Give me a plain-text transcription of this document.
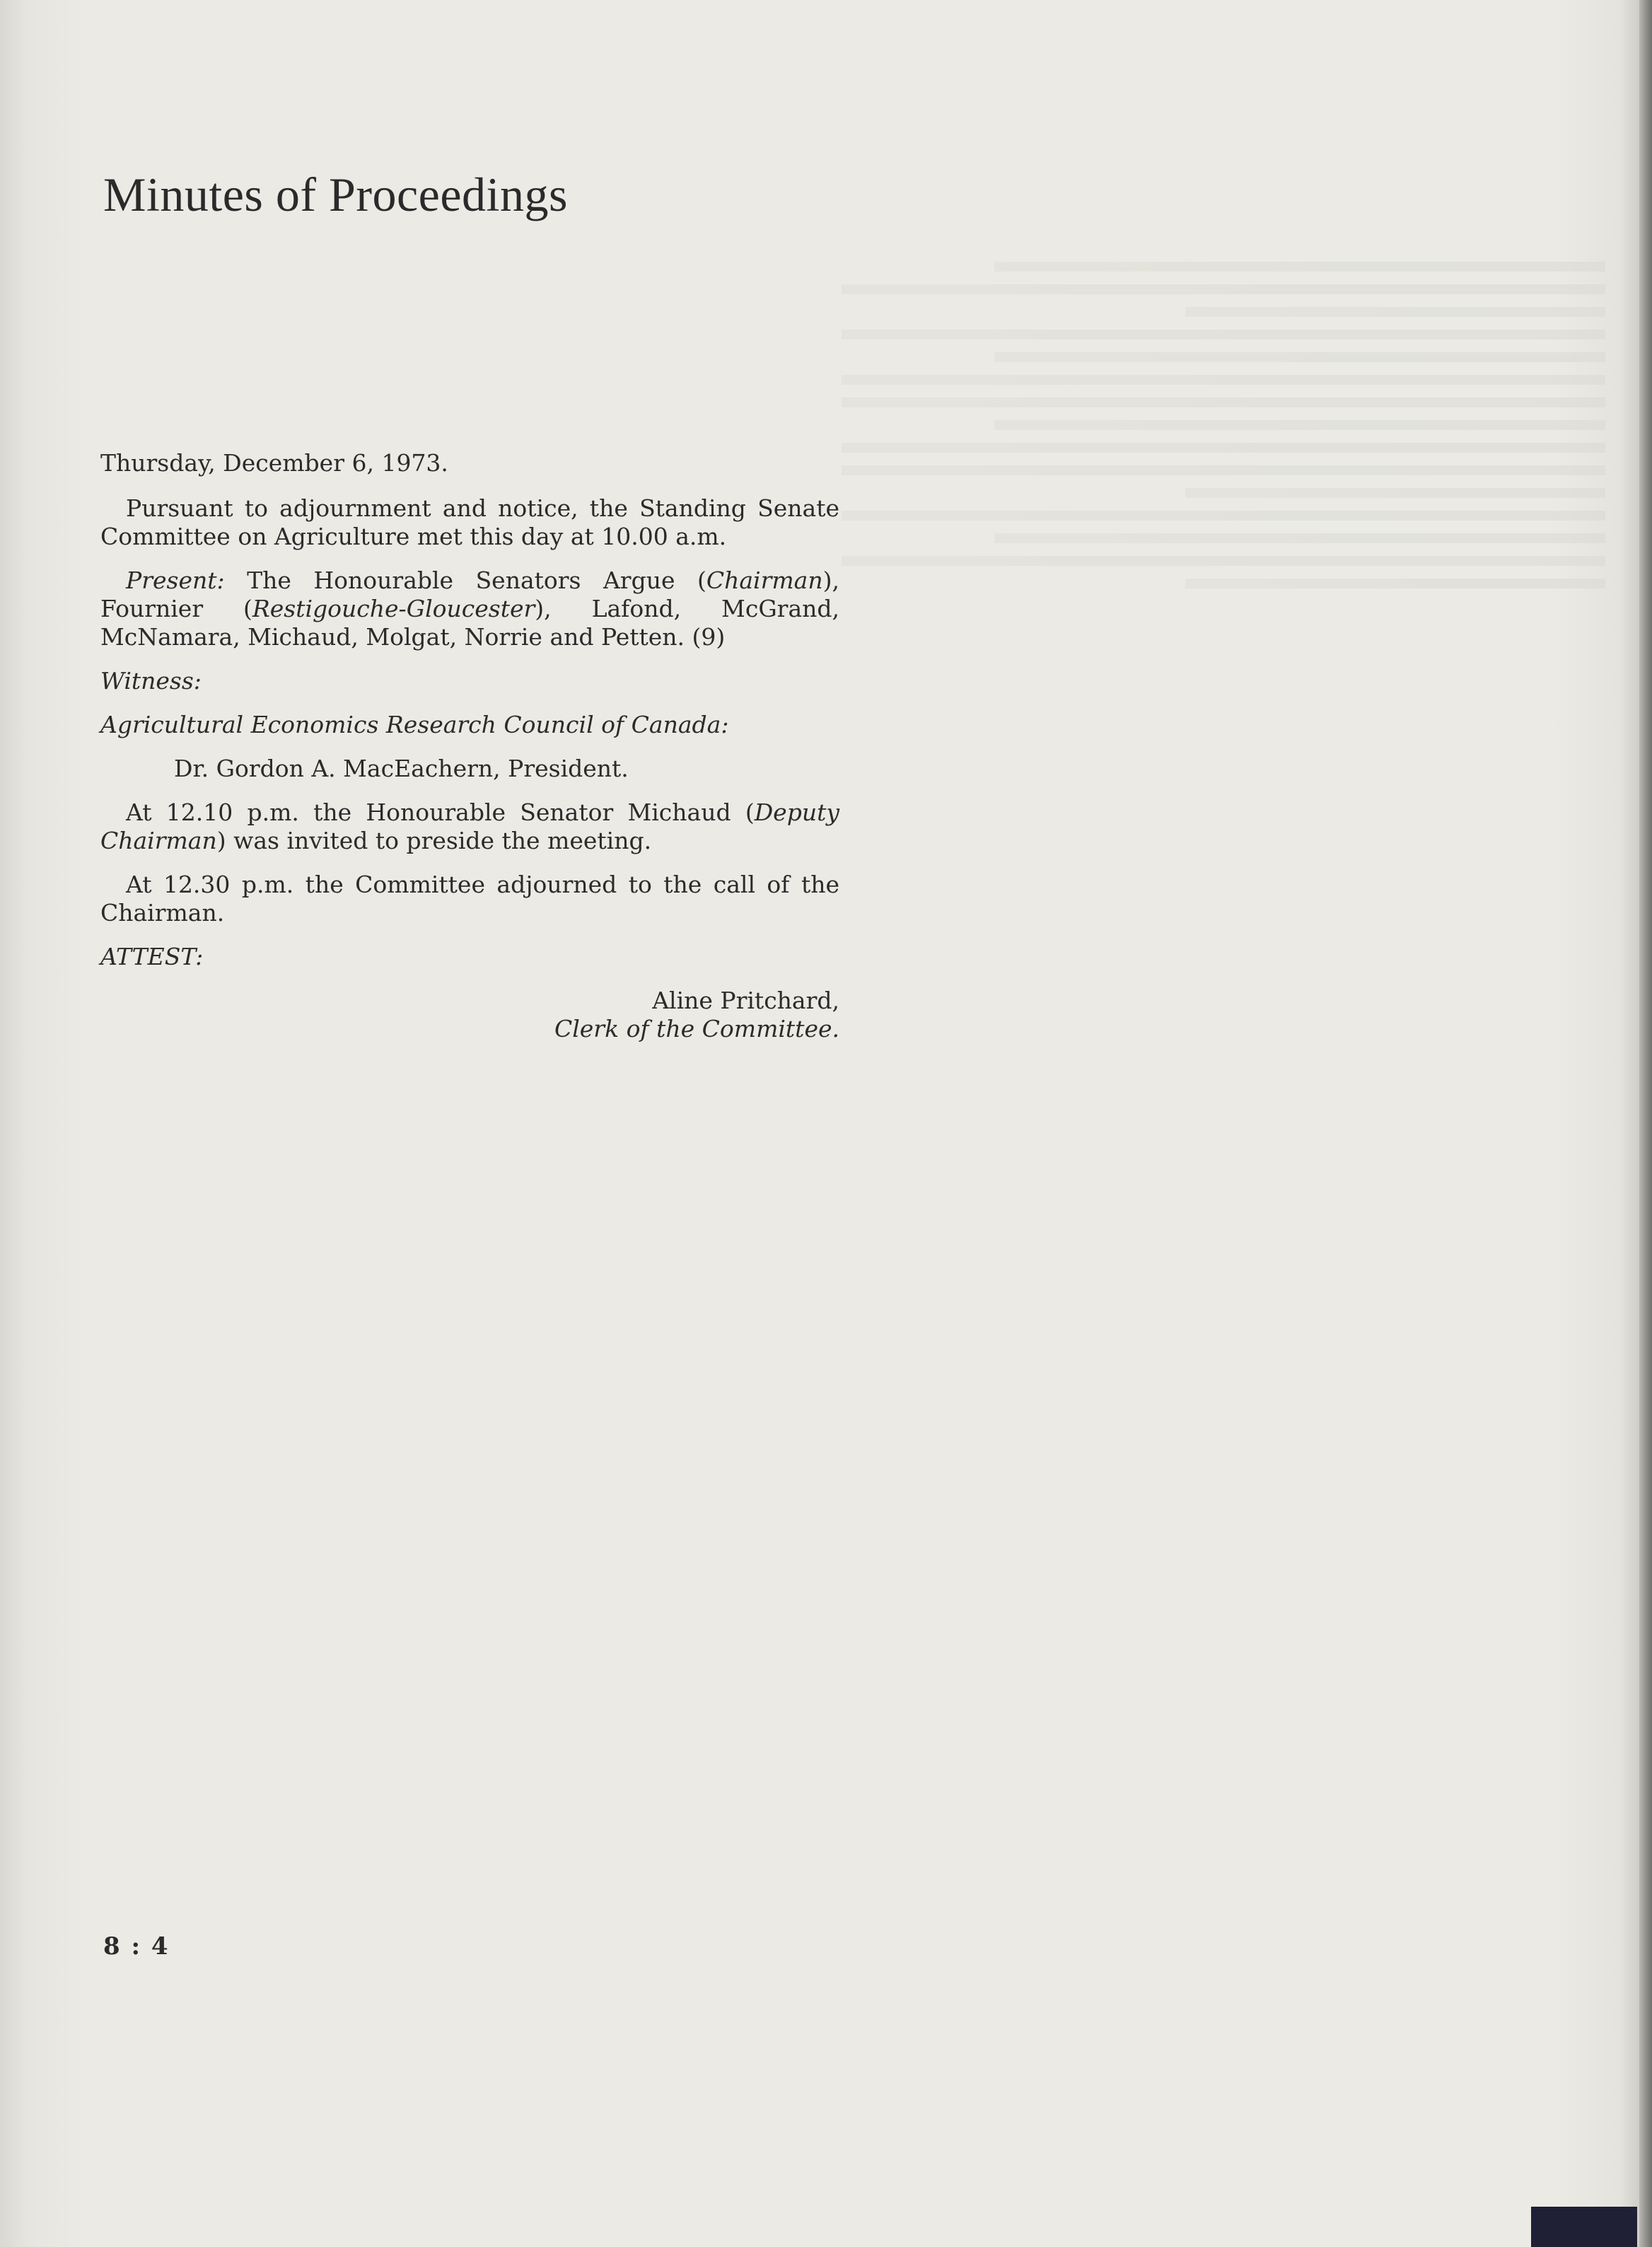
Minutes of Proceedings

Thursday, December 6, 1973.

Pursuant to adjournment and notice, the Standing Senate Committee on Agriculture met this day at 10.00 a.m.

Present: The Honourable Senators Argue (Chairman), Fournier (Restigouche-Gloucester), Lafond, McGrand, McNamara, Michaud, Molgat, Norrie and Petten. (9)

Witness:

Agricultural Economics Research Council of Canada:

Dr. Gordon A. MacEachern, President.

At 12.10 p.m. the Honourable Senator Michaud (Deputy Chairman) was invited to preside the meeting.

At 12.30 p.m. the Committee adjourned to the call of the Chairman.

ATTEST:

Aline Pritchard,

Clerk of the Committee.

8 : 4
